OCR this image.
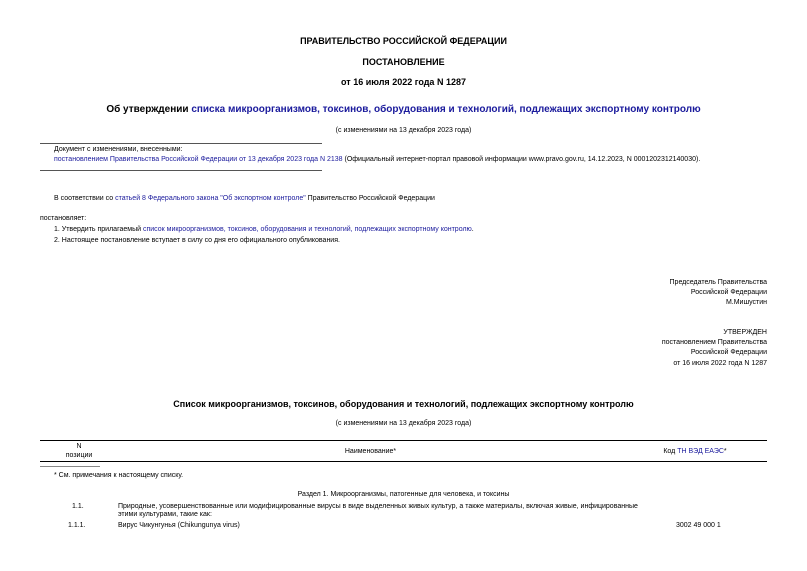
ПРАВИТЕЛЬСТВО РОССИЙСКОЙ ФЕДЕРАЦИИ
ПОСТАНОВЛЕНИЕ
от 16 июля 2022 года N 1287
Об утверждении списка микроорганизмов, токсинов, оборудования и технологий, подлежащих экспортному контролю
(с изменениями на 13 декабря 2023 года)
Документ с изменениями, внесенными:
постановлением Правительства Российской Федерации от 13 декабря 2023 года N 2138 (Официальный интернет-портал правовой информации www.pravo.gov.ru, 14.12.2023, N 0001202312140030).
В соответствии со статьей 8 Федерального закона "Об экспортном контроле" Правительство Российской Федерации
постановляет:
1. Утвердить прилагаемый список микроорганизмов, токсинов, оборудования и технологий, подлежащих экспортному контролю.
2. Настоящее постановление вступает в силу со дня его официального опубликования.
Председатель Правительства
Российской Федерации
М.Мишустин
УТВЕРЖДЕН
постановлением Правительства
Российской Федерации
от 16 июля 2022 года N 1287
Список микроорганизмов, токсинов, оборудования и технологий, подлежащих экспортному контролю
(с изменениями на 13 декабря 2023 года)
N
позиции
	Наименование*	Код ТН ВЭД ЕАЭС*
* См. примечания к настоящему списку.
Раздел 1. Микроорганизмы, патогенные для человека, и токсины
1.1.	Природные, усовершенствованные или модифицированные вирусы в виде выделенных живых культур, а также материалы, включая живые, инфицированные
этими культурами, такие как:
1.1.1.	Вирус Чикунгунья (Chikungunya virus)	3002 49 000 1
